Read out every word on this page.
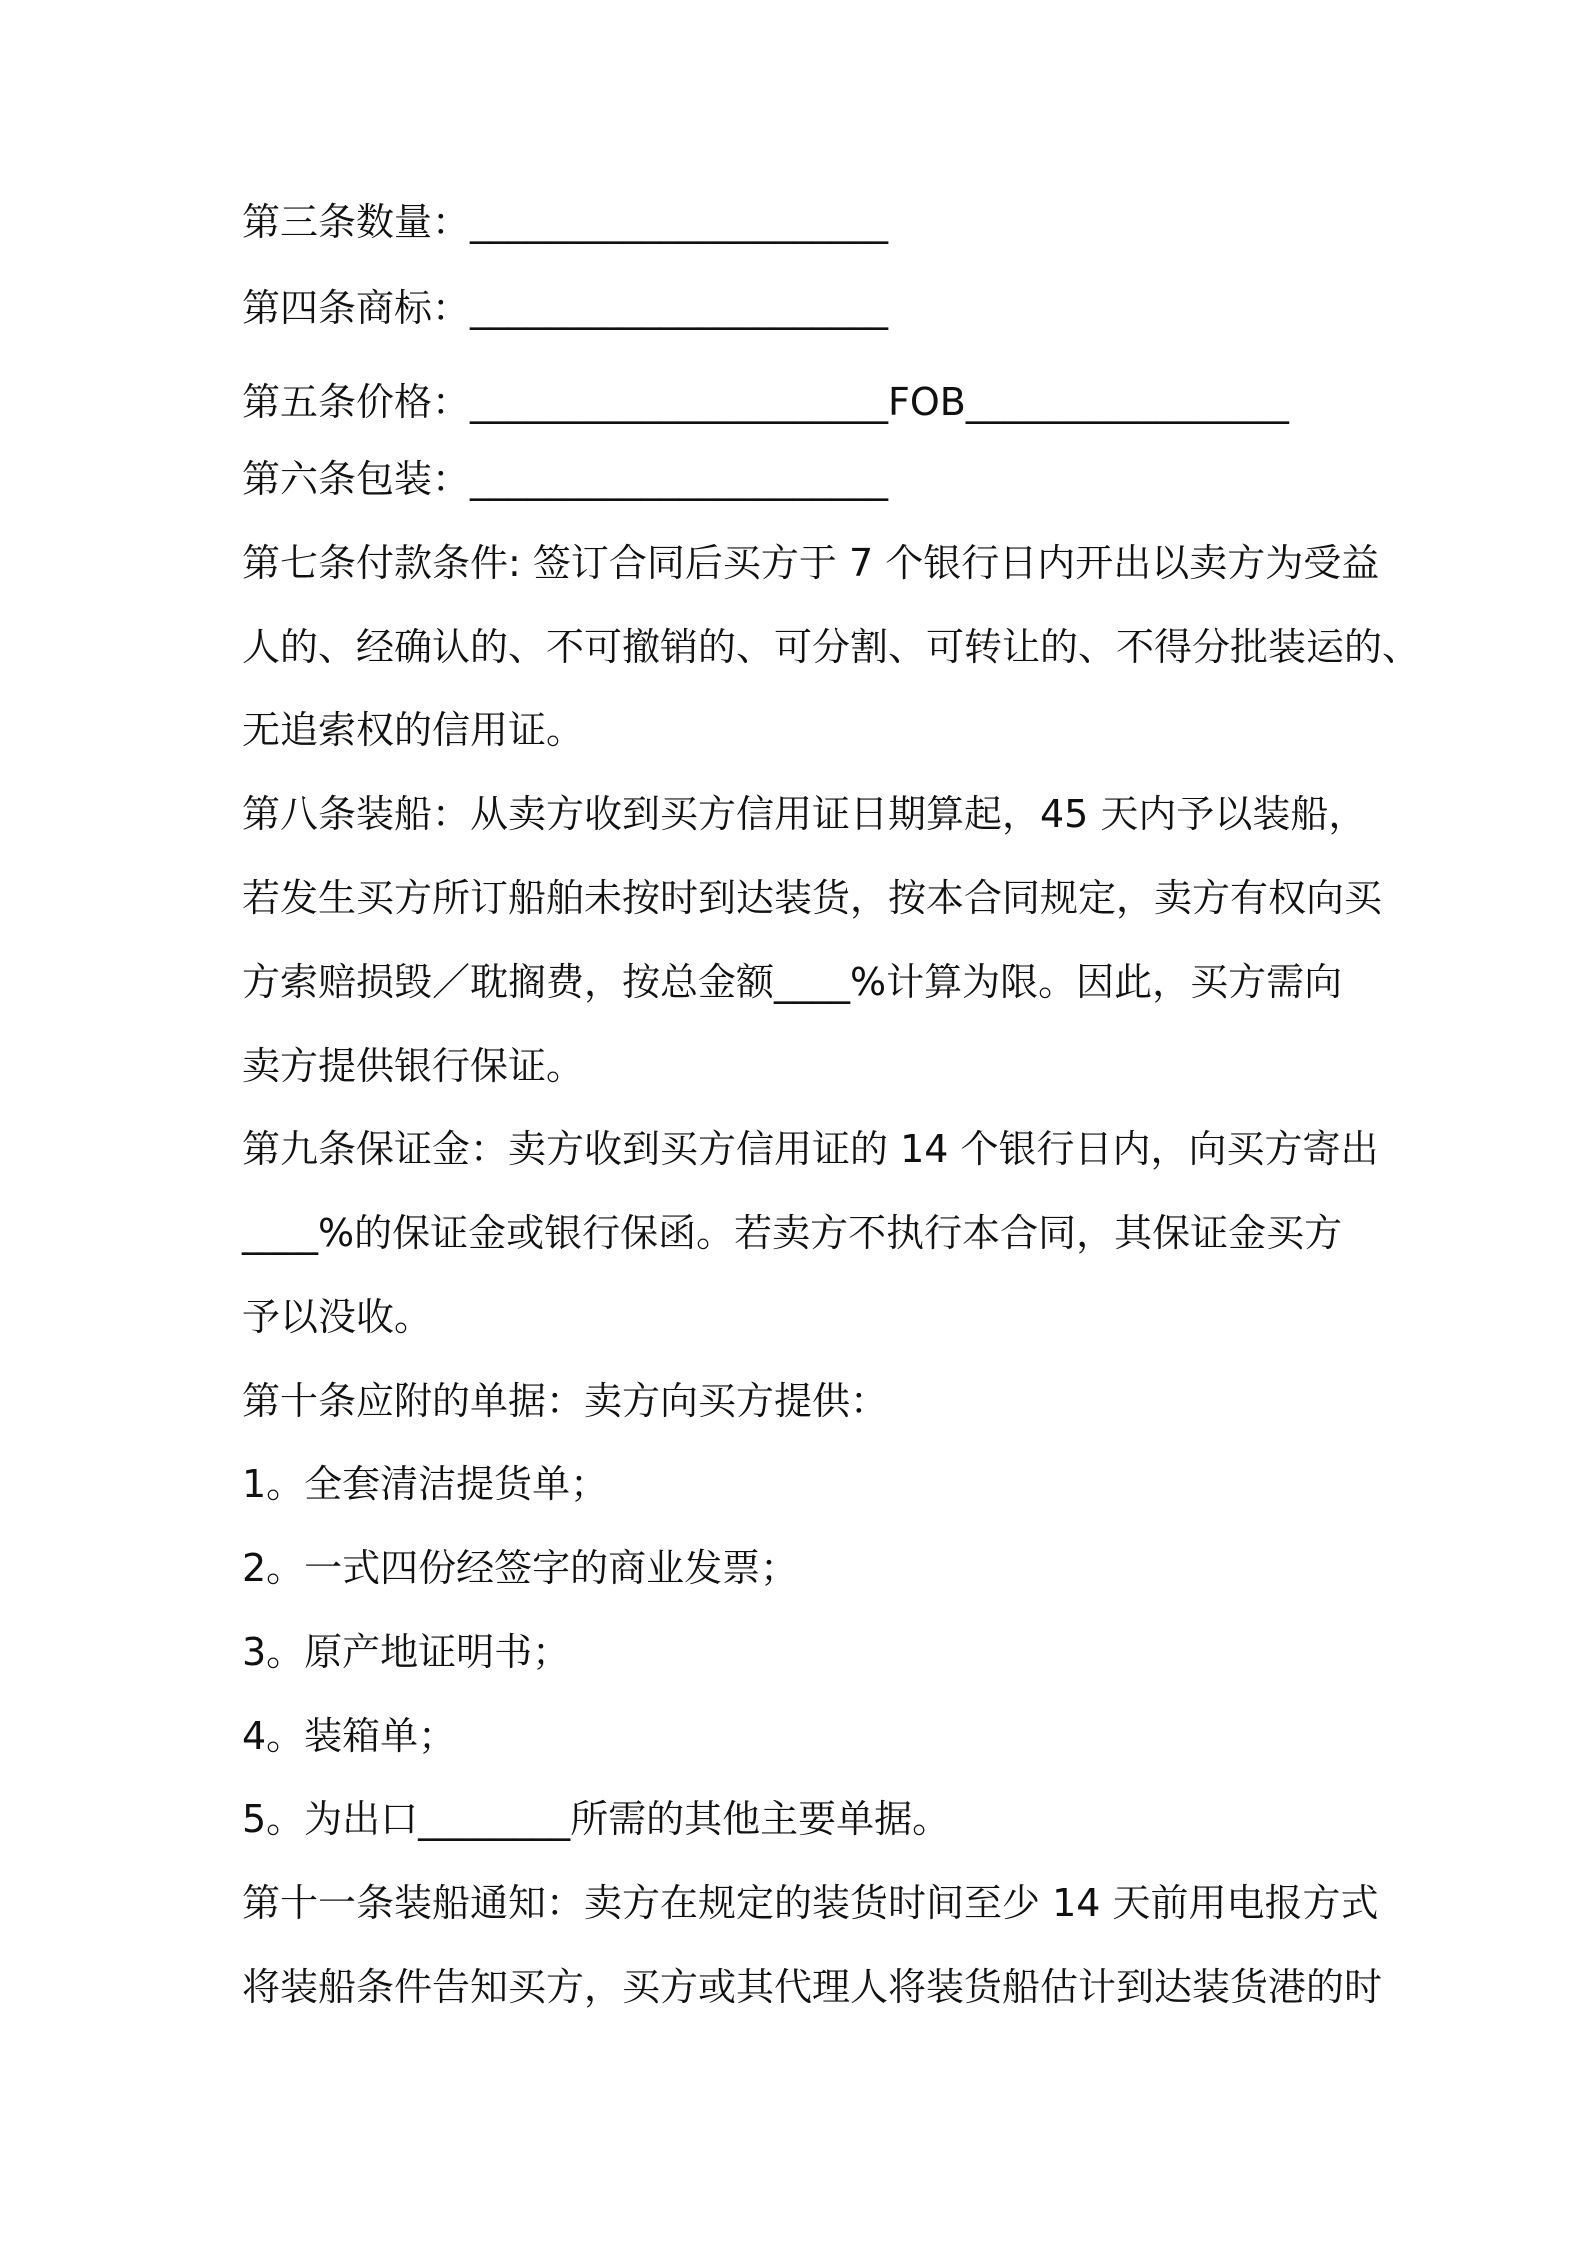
第三条数量：______________________
第四条商标：______________________
第五条价格：______________________FOB_________________
第六条包装：______________________
第七条付款条件: 签订合同后买方于 7 个银行日内开出以卖方为受益
人的、经确认的、不可撤销的、可分割、可转让的、不得分批装运的、
无追索权的信用证。
第八条装船：从卖方收到买方信用证日期算起，45 天内予以装船，
若发生买方所订船舶未按时到达装货，按本合同规定，卖方有权向买
方索赔损毁／耽搁费，按总金额____%计算为限。因此，买方需向
卖方提供银行保证。
第九条保证金：卖方收到买方信用证的 14 个银行日内，向买方寄出
____%的保证金或银行保函。若卖方不执行本合同，其保证金买方
予以没收。
第十条应附的单据：卖方向买方提供：
1。全套清洁提货单；
2。一式四份经签字的商业发票；
3。原产地证明书；
4。装箱单；
5。为出口________所需的其他主要单据。
第十一条装船通知：卖方在规定的装货时间至少 14 天前用电报方式
将装船条件告知买方，买方或其代理人将装货船估计到达装货港的时
